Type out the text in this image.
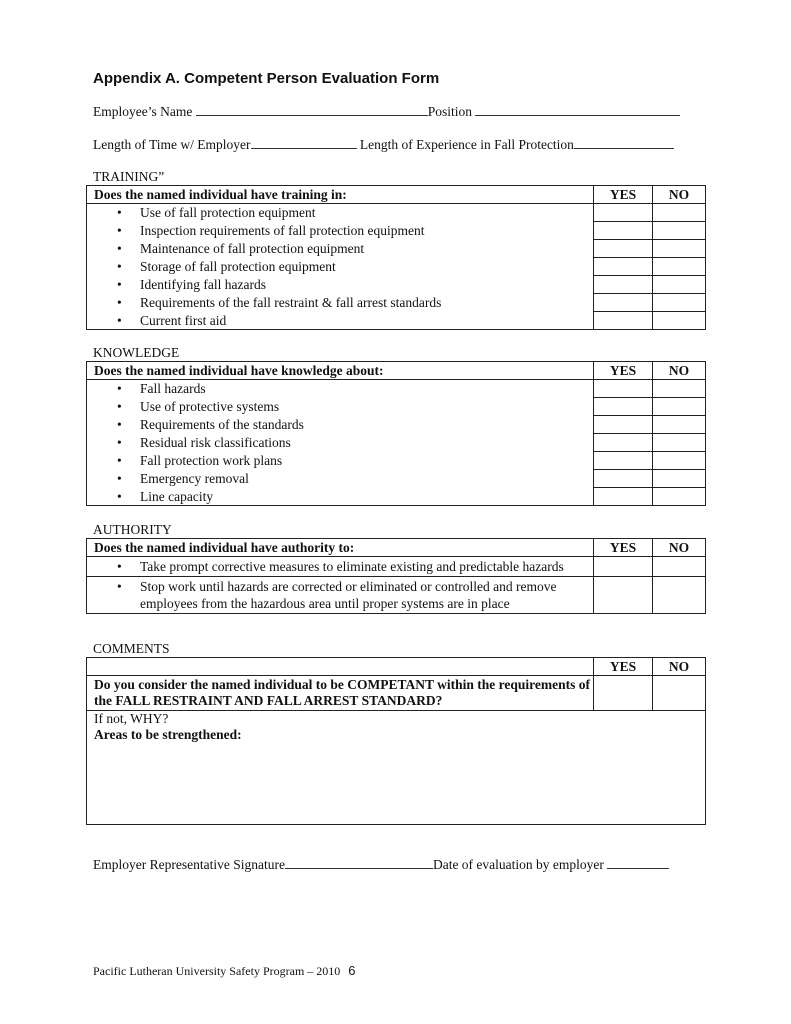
Appendix A. Competent Person Evaluation Form
Employee’s Name	Position
Length of Time w/ Employer	Length of Experience in Fall Protection
TRAINING”
Does the named individual have training in:	YES	NO
• Use of fall protection equipment		
• Inspection requirements of fall protection equipment		
• Maintenance of fall protection equipment		
• Storage of fall protection equipment		
• Identifying fall hazards		
• Requirements of the fall restraint & fall arrest standards		
• Current first aid		
KNOWLEDGE
Does the named individual have knowledge about:	YES	NO
• Fall hazards		
• Use of protective systems		
• Requirements of the standards		
• Residual risk classifications		
• Fall protection work plans		
• Emergency removal		
• Line capacity		
AUTHORITY
Does the named individual have authority to:	YES	NO
• Take prompt corrective measures to eliminate existing and predictable hazards		
• Stop work until hazards are corrected or eliminated or controlled and remove employees from the hazardous area until proper systems are in place		
COMMENTS
	YES	NO
Do you consider the named individual to be COMPETANT within the requirements of the FALL RESTRAINT AND FALL ARREST STANDARD?		

If not, WHY?
Areas to be strengthened:		
Employer Representative Signature	Date of evaluation by employer
Pacific Lutheran University Safety Program – 2010 6
